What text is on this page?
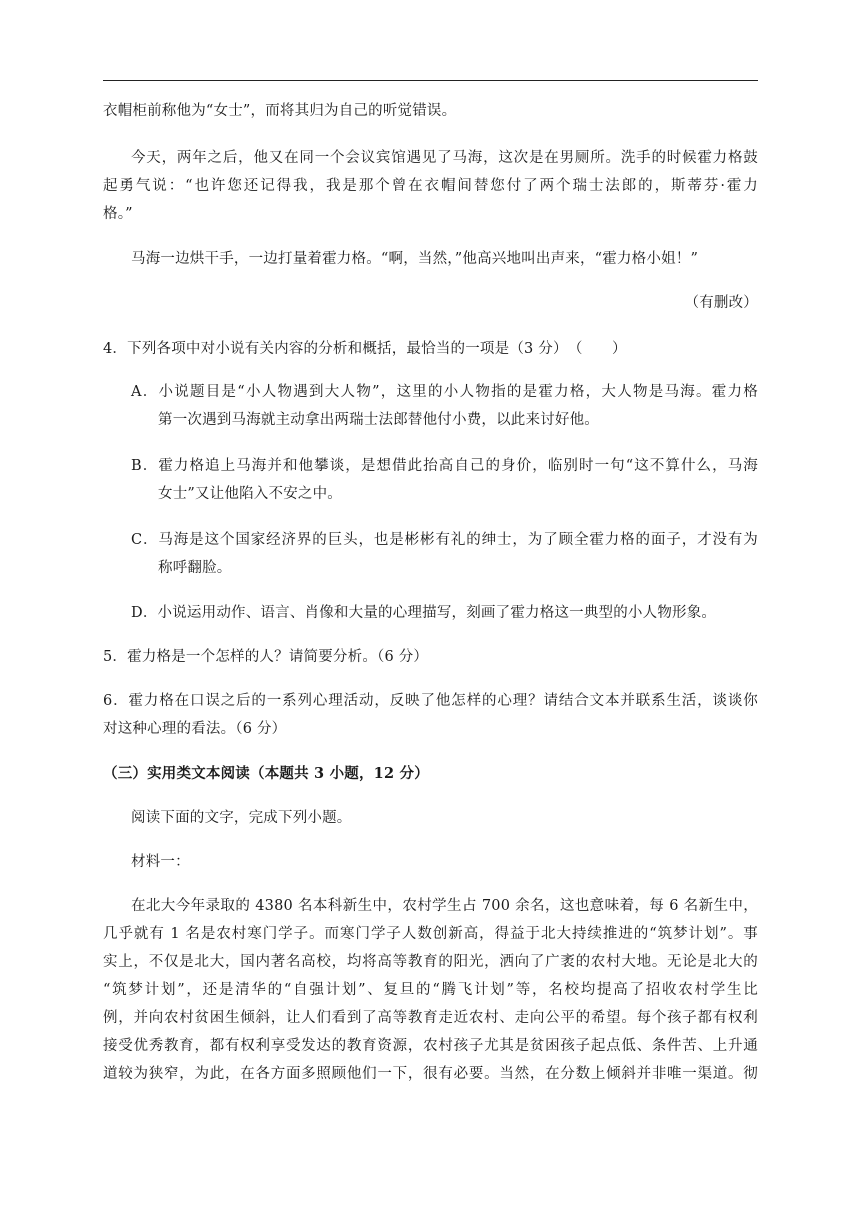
衣帽柜前称他为“女士”，而将其归为自己的听觉错误。
今天，两年之后，他又在同一个会议宾馆遇见了马海，这次是在男厕所。洗手的时候霍力格鼓
起勇气说：“也许您还记得我，我是那个曾在衣帽间替您付了两个瑞士法郎的，斯蒂芬·霍力
格。”
马海一边烘干手，一边打量着霍力格。“啊，当然，”他高兴地叫出声来，“霍力格小姐！”
（有删改）
4．下列各项中对小说有关内容的分析和概括，最恰当的一项是（3 分）　（　　）
A．小说题目是“小人物遇到大人物”，这里的小人物指的是霍力格，大人物是马海。霍力格
第一次遇到马海就主动拿出两瑞士法郎替他付小费，以此来讨好他。
B．霍力格追上马海并和他攀谈，是想借此抬高自己的身价，临别时一句“这不算什么，马海
女士”又让他陷入不安之中。
C．马海是这个国家经济界的巨头，也是彬彬有礼的绅士，为了顾全霍力格的面子，才没有为
称呼翻脸。
D．小说运用动作、语言、肖像和大量的心理描写，刻画了霍力格这一典型的小人物形象。
5．霍力格是一个怎样的人？请简要分析。（6 分）
6．霍力格在口误之后的一系列心理活动，反映了他怎样的心理？请结合文本并联系生活，谈谈你
对这种心理的看法。（6 分）
（三）实用类文本阅读（本题共 3 小题，12 分）
阅读下面的文字，完成下列小题。
材料一：
在北大今年录取的 4380 名本科新生中，农村学生占 700 余名，这也意味着，每 6 名新生中，
几乎就有 1 名是农村寒门学子。而寒门学子人数创新高，得益于北大持续推进的“筑梦计划”。事
实上，不仅是北大，国内著名高校，均将高等教育的阳光，洒向了广袤的农村大地。无论是北大的
“筑梦计划”，还是清华的“自强计划”、复旦的“腾飞计划”等，名校均提高了招收农村学生比
例，并向农村贫困生倾斜，让人们看到了高等教育走近农村、走向公平的希望。每个孩子都有权利
接受优秀教育，都有权利享受发达的教育资源，农村孩子尤其是贫困孩子起点低、条件苦、上升通
道较为狭窄，为此，在各方面多照顾他们一下，很有必要。当然，在分数上倾斜并非唯一渠道。彻
